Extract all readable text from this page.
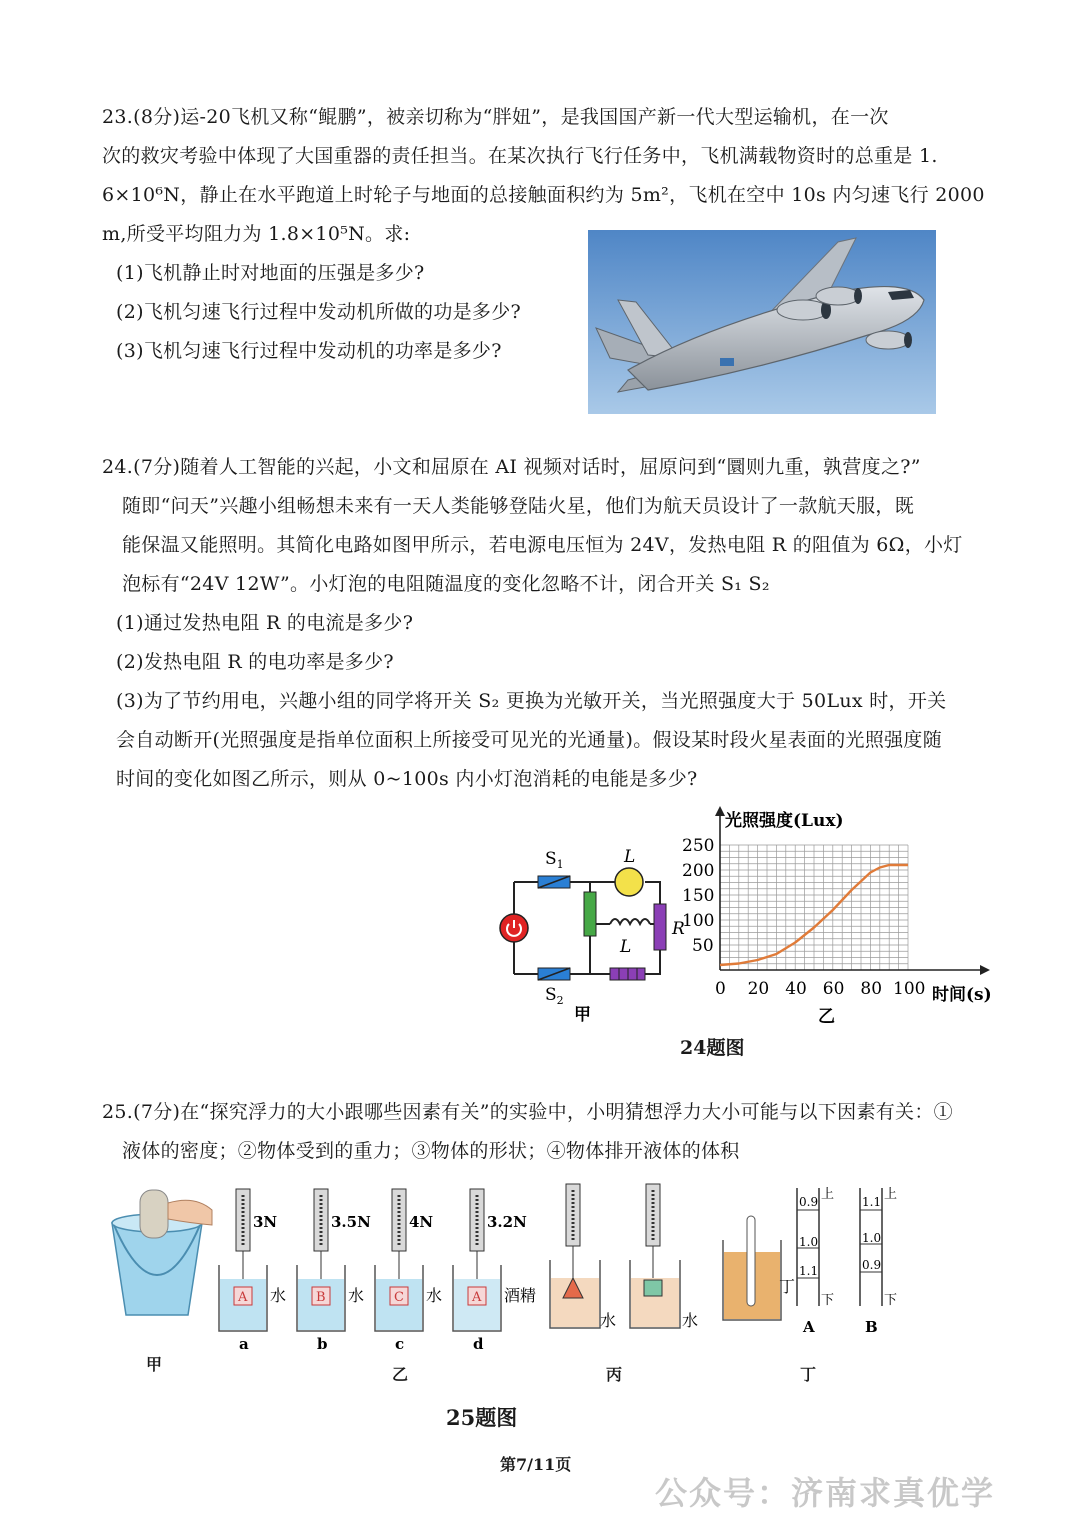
23.(8分)运-20飞机又称“鲲鹏”，被亲切称为“胖妞”，是我国国产新一代大型运输机，在一次
次的救灾考验中体现了大国重器的责任担当。在某次执行飞行任务中，飞机满载物资时的总重是 1.
6×10⁶N，静止在水平跑道上时轮子与地面的总接触面积约为 5m²，飞机在空中 10s 内匀速飞行 2000
m,所受平均阻力为 1.8×10⁵N。求:
(1)飞机静止时对地面的压强是多少?
(2)飞机匀速飞行过程中发动机所做的功是多少?
(3)飞机匀速飞行过程中发动机的功率是多少?
24.(7分)随着人工智能的兴起，小文和屈原在 AI 视频对话时，屈原问到“圜则九重，孰营度之?”
随即“问天”兴趣小组畅想未来有一天人类能够登陆火星，他们为航天员设计了一款航天服，既
能保温又能照明。其简化电路如图甲所示，若电源电压恒为 24V，发热电阻 R 的阻值为 6Ω，小灯
泡标有“24V 12W”。小灯泡的电阻随温度的变化忽略不计，闭合开关 S₁ S₂
(1)通过发热电阻 R 的电流是多少?
(2)发热电阻 R 的电功率是多少?
(3)为了节约用电，兴趣小组的同学将开关 S₂ 更换为光敏开关，当光照强度大于 50Lux 时，开关
会自动断开(光照强度是指单位面积上所接受可见光的光通量)。假设某时段火星表面的光照强度随
时间的变化如图乙所示，则从 0~100s 内小灯泡消耗的电能是多少?
$S_1$
$S_2$
L
L
R
甲
0 20 40 60 80 100
50
100
150
200
250
光照强度(Lux)
时间(s)
乙
24题图
25.(7分)在“探究浮力的大小跟哪些因素有关”的实验中，小明猜想浮力大小可能与以下因素有关：①
液体的密度；②物体受到的重力；③物体的形状；④物体排开液体的体积
甲
A
3N
水
a
B
3.5N
水
b
C
4N
水
c
A
3.2N
酒精
d
乙
水	水
丙
丁
0.9
1.0
1.1
上
下
A
1.1
1.0
0.9
上
下
B
丁
25题图
第7/11页
公众号：济南求真优学
